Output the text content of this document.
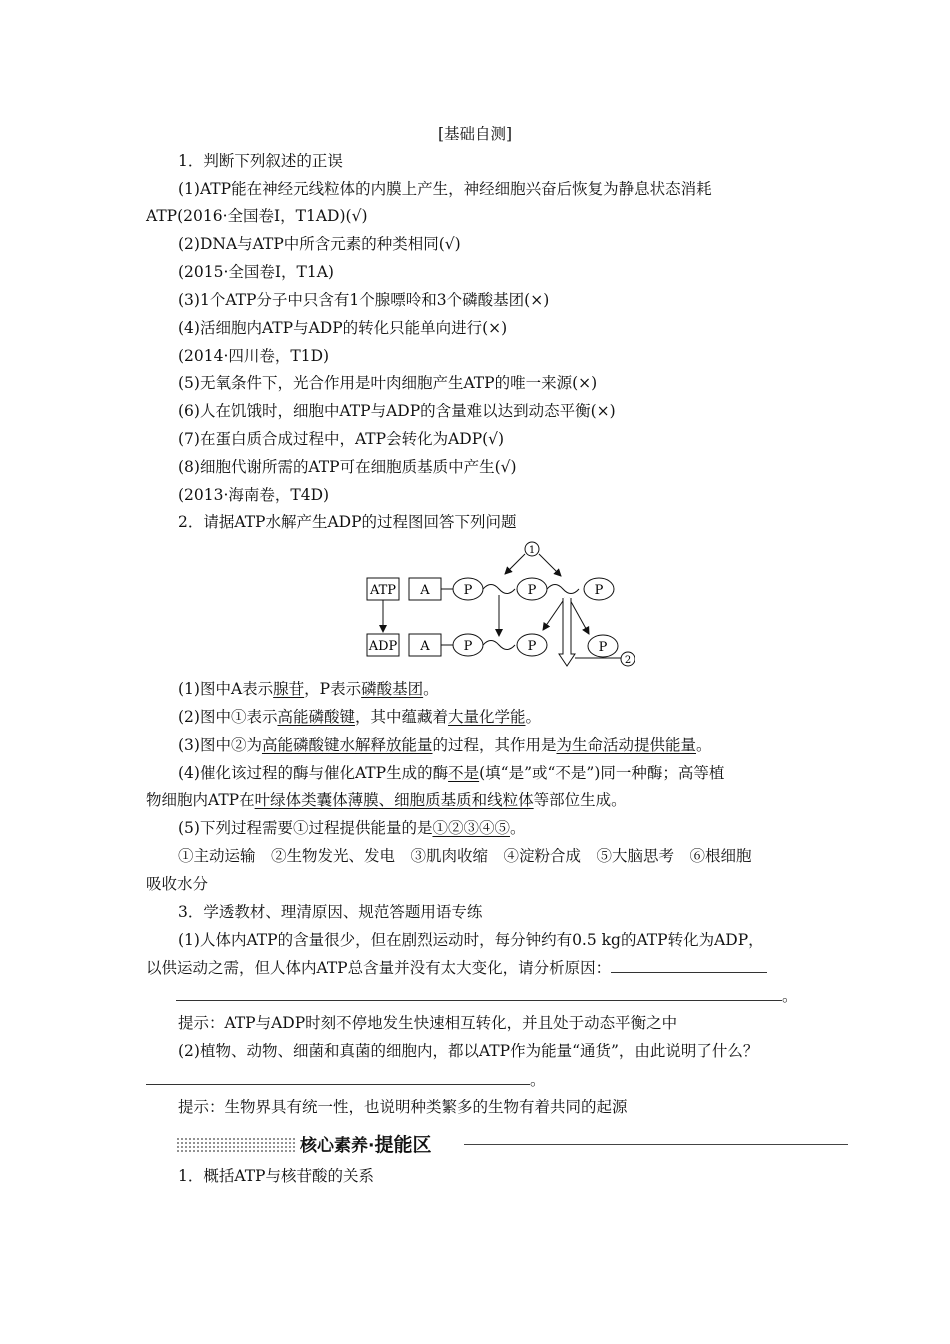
[基础自测]
1．判断下列叙述的正误
(1)ATP能在神经元线粒体的内膜上产生，神经细胞兴奋后恢复为静息状态消耗
ATP(2016·全国卷Ⅰ，T1AD)(√)
(2)DNA与ATP中所含元素的种类相同(√)
(2015·全国卷Ⅰ，T1A)
(3)1个ATP分子中只含有1个腺嘌呤和3个磷酸基团(×)
(4)活细胞内ATP与ADP的转化只能单向进行(×)
(2014·四川卷，T1D)
(5)无氧条件下，光合作用是叶肉细胞产生ATP的唯一来源(×)
(6)人在饥饿时，细胞中ATP与ADP的含量难以达到动态平衡(×)
(7)在蛋白质合成过程中，ATP会转化为ADP(√)
(8)细胞代谢所需的ATP可在细胞质基质中产生(√)
(2013·海南卷，T4D)
2．请据ATP水解产生ADP的过程图回答下列问题
ATP A	P	P	P
1
ADP A	P	P	P
2
(1)图中A表示腺苷，P表示磷酸基团。
(2)图中①表示高能磷酸键，其中蕴藏着大量化学能。
(3)图中②为高能磷酸键水解释放能量的过程，其作用是为生命活动提供能量。
(4)催化该过程的酶与催化ATP生成的酶不是(填“是”或“不是”)同一种酶；高等植
物细胞内ATP在叶绿体类囊体薄膜、细胞质基质和线粒体等部位生成。
(5)下列过程需要①过程提供能量的是①②③④⑤。
①主动运输　②生物发光、发电　③肌肉收缩　④淀粉合成　⑤大脑思考　⑥根细胞
吸收水分
3．学透教材、理清原因、规范答题用语专练
(1)人体内ATP的含量很少，但在剧烈运动时，每分钟约有0.5 kg的ATP转化为ADP，
以供运动之需，但人体内ATP总含量并没有太大变化，请分析原因：
。
提示：ATP与ADP时刻不停地发生快速相互转化，并且处于动态平衡之中
(2)植物、动物、细菌和真菌的细胞内，都以ATP作为能量“通货”，由此说明了什么？
。
提示：生物界具有统一性，也说明种类繁多的生物有着共同的起源
核心素养·提能区
1．概括ATP与核苷酸的关系
